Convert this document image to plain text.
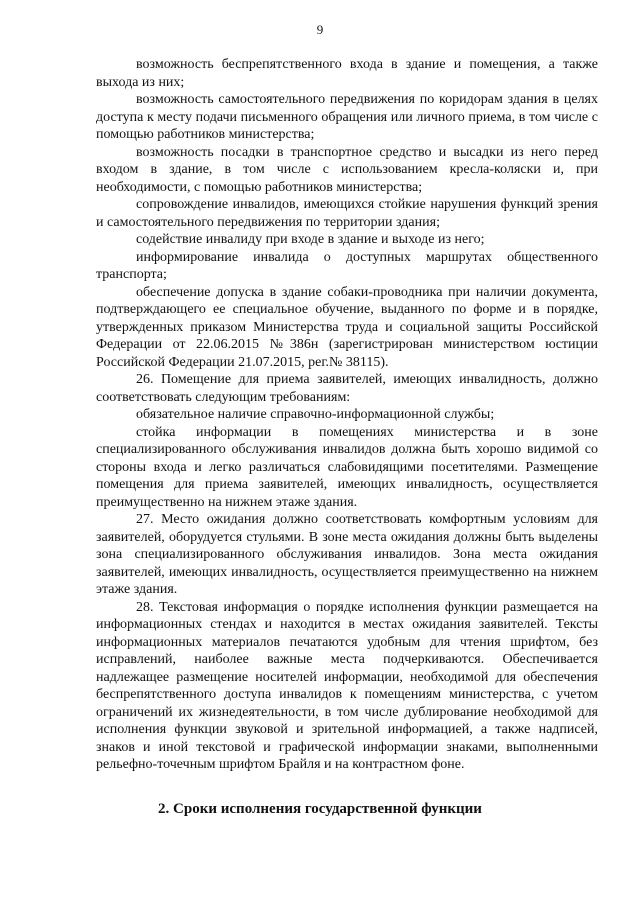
9

возможность беспрепятственного входа в здание и помещения, а также выхода из них;

возможность самостоятельного передвижения по коридорам здания в целях доступа к месту подачи письменного обращения или личного приема, в том числе с помощью работников министерства;

возможность посадки в транспортное средство и высадки из него перед входом в здание, в том числе с использованием кресла-коляски и, при необходимости, с помощью работников министерства;

сопровождение инвалидов, имеющихся стойкие нарушения функций зрения и самостоятельного передвижения по территории здания;

содействие инвалиду при входе в здание и выходе из него;

информирование инвалида о доступных маршрутах общественного транспорта;

обеспечение допуска в здание собаки-проводника при наличии документа, подтверждающего ее специальное обучение, выданного по форме и в порядке, утвержденных приказом Министерства труда и социальной защиты Российской Федерации от 22.06.2015 №386н (зарегистрирован министерством юстиции Российской Федерации 21.07.2015, рег.№ 38115).

26. Помещение для приема заявителей, имеющих инвалидность, должно соответствовать следующим требованиям:

обязательное наличие справочно-информационной службы;

стойка информации в помещениях министерства и в зоне специализированного обслуживания инвалидов должна быть хорошо видимой со стороны входа и легко различаться слабовидящими посетителями. Размещение помещения для приема заявителей, имеющих инвалидность, осуществляется преимущественно на нижнем этаже здания.

27. Место ожидания должно соответствовать комфортным условиям для заявителей, оборудуется стульями. В зоне места ожидания должны быть выделены зона специализированного обслуживания инвалидов. Зона места ожидания заявителей, имеющих инвалидность, осуществляется преимущественно на нижнем этаже здания.

28. Текстовая информация о порядке исполнения функции размещается на информационных стендах и находится в местах ожидания заявителей. Тексты информационных материалов печатаются удобным для чтения шрифтом, без исправлений, наиболее важные места подчеркиваются. Обеспечивается надлежащее размещение носителей информации, необходимой для обеспечения беспрепятственного доступа инвалидов к помещениям министерства, с учетом ограничений их жизнедеятельности, в том числе дублирование необходимой для исполнения функции звуковой и зрительной информацией, а также надписей, знаков и иной текстовой и графической информации знаками, выполненными рельефно-точечным шрифтом Брайля и на контрастном фоне.

2. Сроки исполнения государственной функции
